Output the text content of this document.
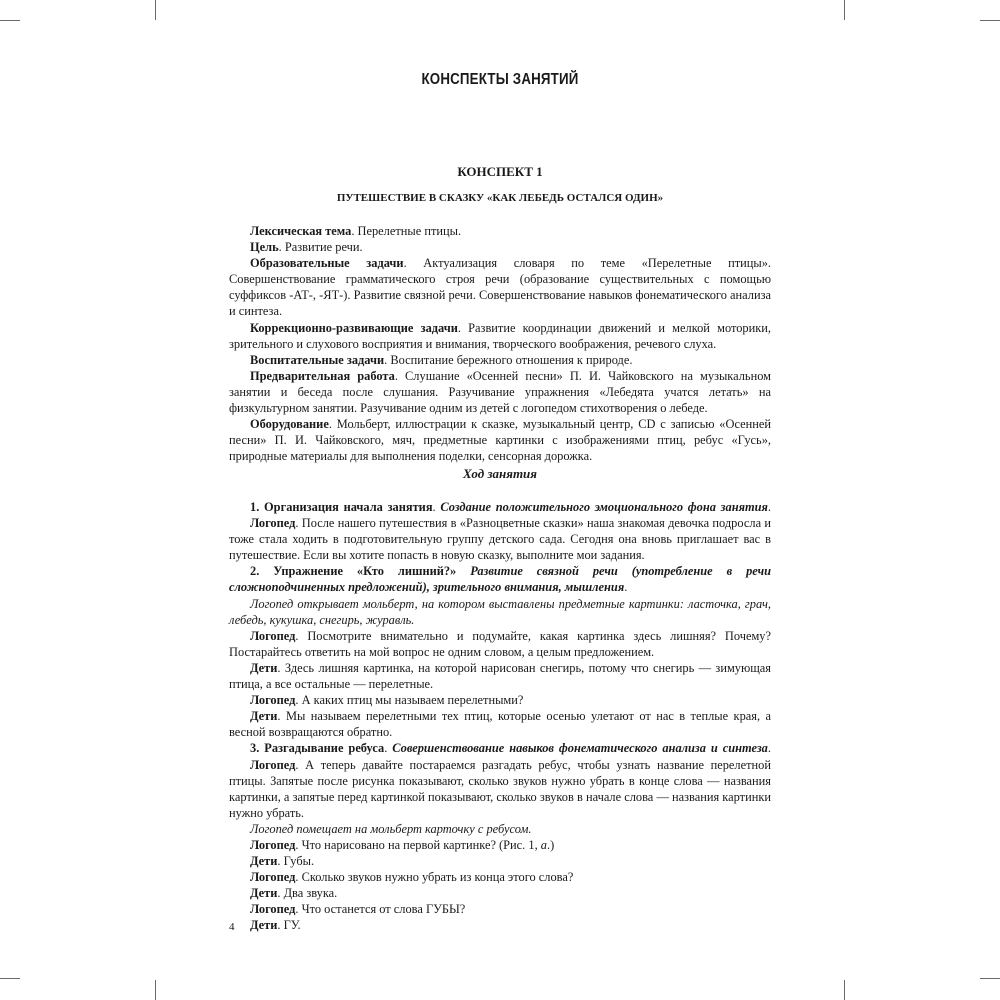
КОНСПЕКТЫ ЗАНЯТИЙ
КОНСПЕКТ 1
ПУТЕШЕСТВИЕ В СКАЗКУ «КАК ЛЕБЕДЬ ОСТАЛСЯ ОДИН»

Лексическая тема. Перелетные птицы.

Цель. Развитие речи.

Образовательные задачи. Актуализация словаря по теме «Перелетные птицы». Совершенствование грамматического строя речи (образование существительных с помощью суффиксов -АТ-, -ЯТ-). Развитие связной речи. Совершенствование навыков фонематического анализа и синтеза.

Коррекционно-развивающие задачи. Развитие координации движений и мелкой моторики, зрительного и слухового восприятия и внимания, творческого воображения, речевого слуха.

Воспитательные задачи. Воспитание бережного отношения к природе.

Предварительная работа. Слушание «Осенней песни» П. И. Чайковского на музыкальном занятии и беседа после слушания. Разучивание упражнения «Лебедята учатся летать» на физкультурном занятии. Разучивание одним из детей с логопедом стихотворения о лебеде.

Оборудование. Мольберт, иллюстрации к сказке, музыкальный центр, CD с записью «Осенней песни» П. И. Чайковского, мяч, предметные картинки с изображениями птиц, ребус «Гусь», природные материалы для выполнения поделки, сенсорная дорожка.

Ход занятия

1. Организация начала занятия. Создание положительного эмоционального фона занятия.

Логопед. После нашего путешествия в «Разноцветные сказки» наша знакомая девочка подросла и тоже стала ходить в подготовительную группу детского сада. Сегодня она вновь приглашает вас в путешествие. Если вы хотите попасть в новую сказку, выполните мои задания.

2. Упражнение «Кто лишний?» Развитие связной речи (употребление в речи сложноподчиненных предложений), зрительного внимания, мышления.

Логопед открывает мольберт, на котором выставлены предметные картинки: ласточка, грач, лебедь, кукушка, снегирь, журавль.

Логопед. Посмотрите внимательно и подумайте, какая картинка здесь лишняя? Почему? Постарайтесь ответить на мой вопрос не одним словом, а целым предложением.

Дети. Здесь лишняя картинка, на которой нарисован снегирь, потому что снегирь — зимующая птица, а все остальные — перелетные.

Логопед. А каких птиц мы называем перелетными?

Дети. Мы называем перелетными тех птиц, которые осенью улетают от нас в теплые края, а весной возвращаются обратно.

3. Разгадывание ребуса. Совершенствование навыков фонематического анализа и синтеза.

Логопед. А теперь давайте постараемся разгадать ребус, чтобы узнать название перелетной птицы. Запятые после рисунка показывают, сколько звуков нужно убрать в конце слова — названия картинки, а запятые перед картинкой показывают, сколько звуков в начале слова — названия картинки нужно убрать.

Логопед помещает на мольберт карточку с ребусом.

Логопед. Что нарисовано на первой картинке? (Рис. 1, а.)

Дети. Губы.

Логопед. Сколько звуков нужно убрать из конца этого слова?

Дети. Два звука.

Логопед. Что останется от слова ГУБЫ?

Дети. ГУ.

4
